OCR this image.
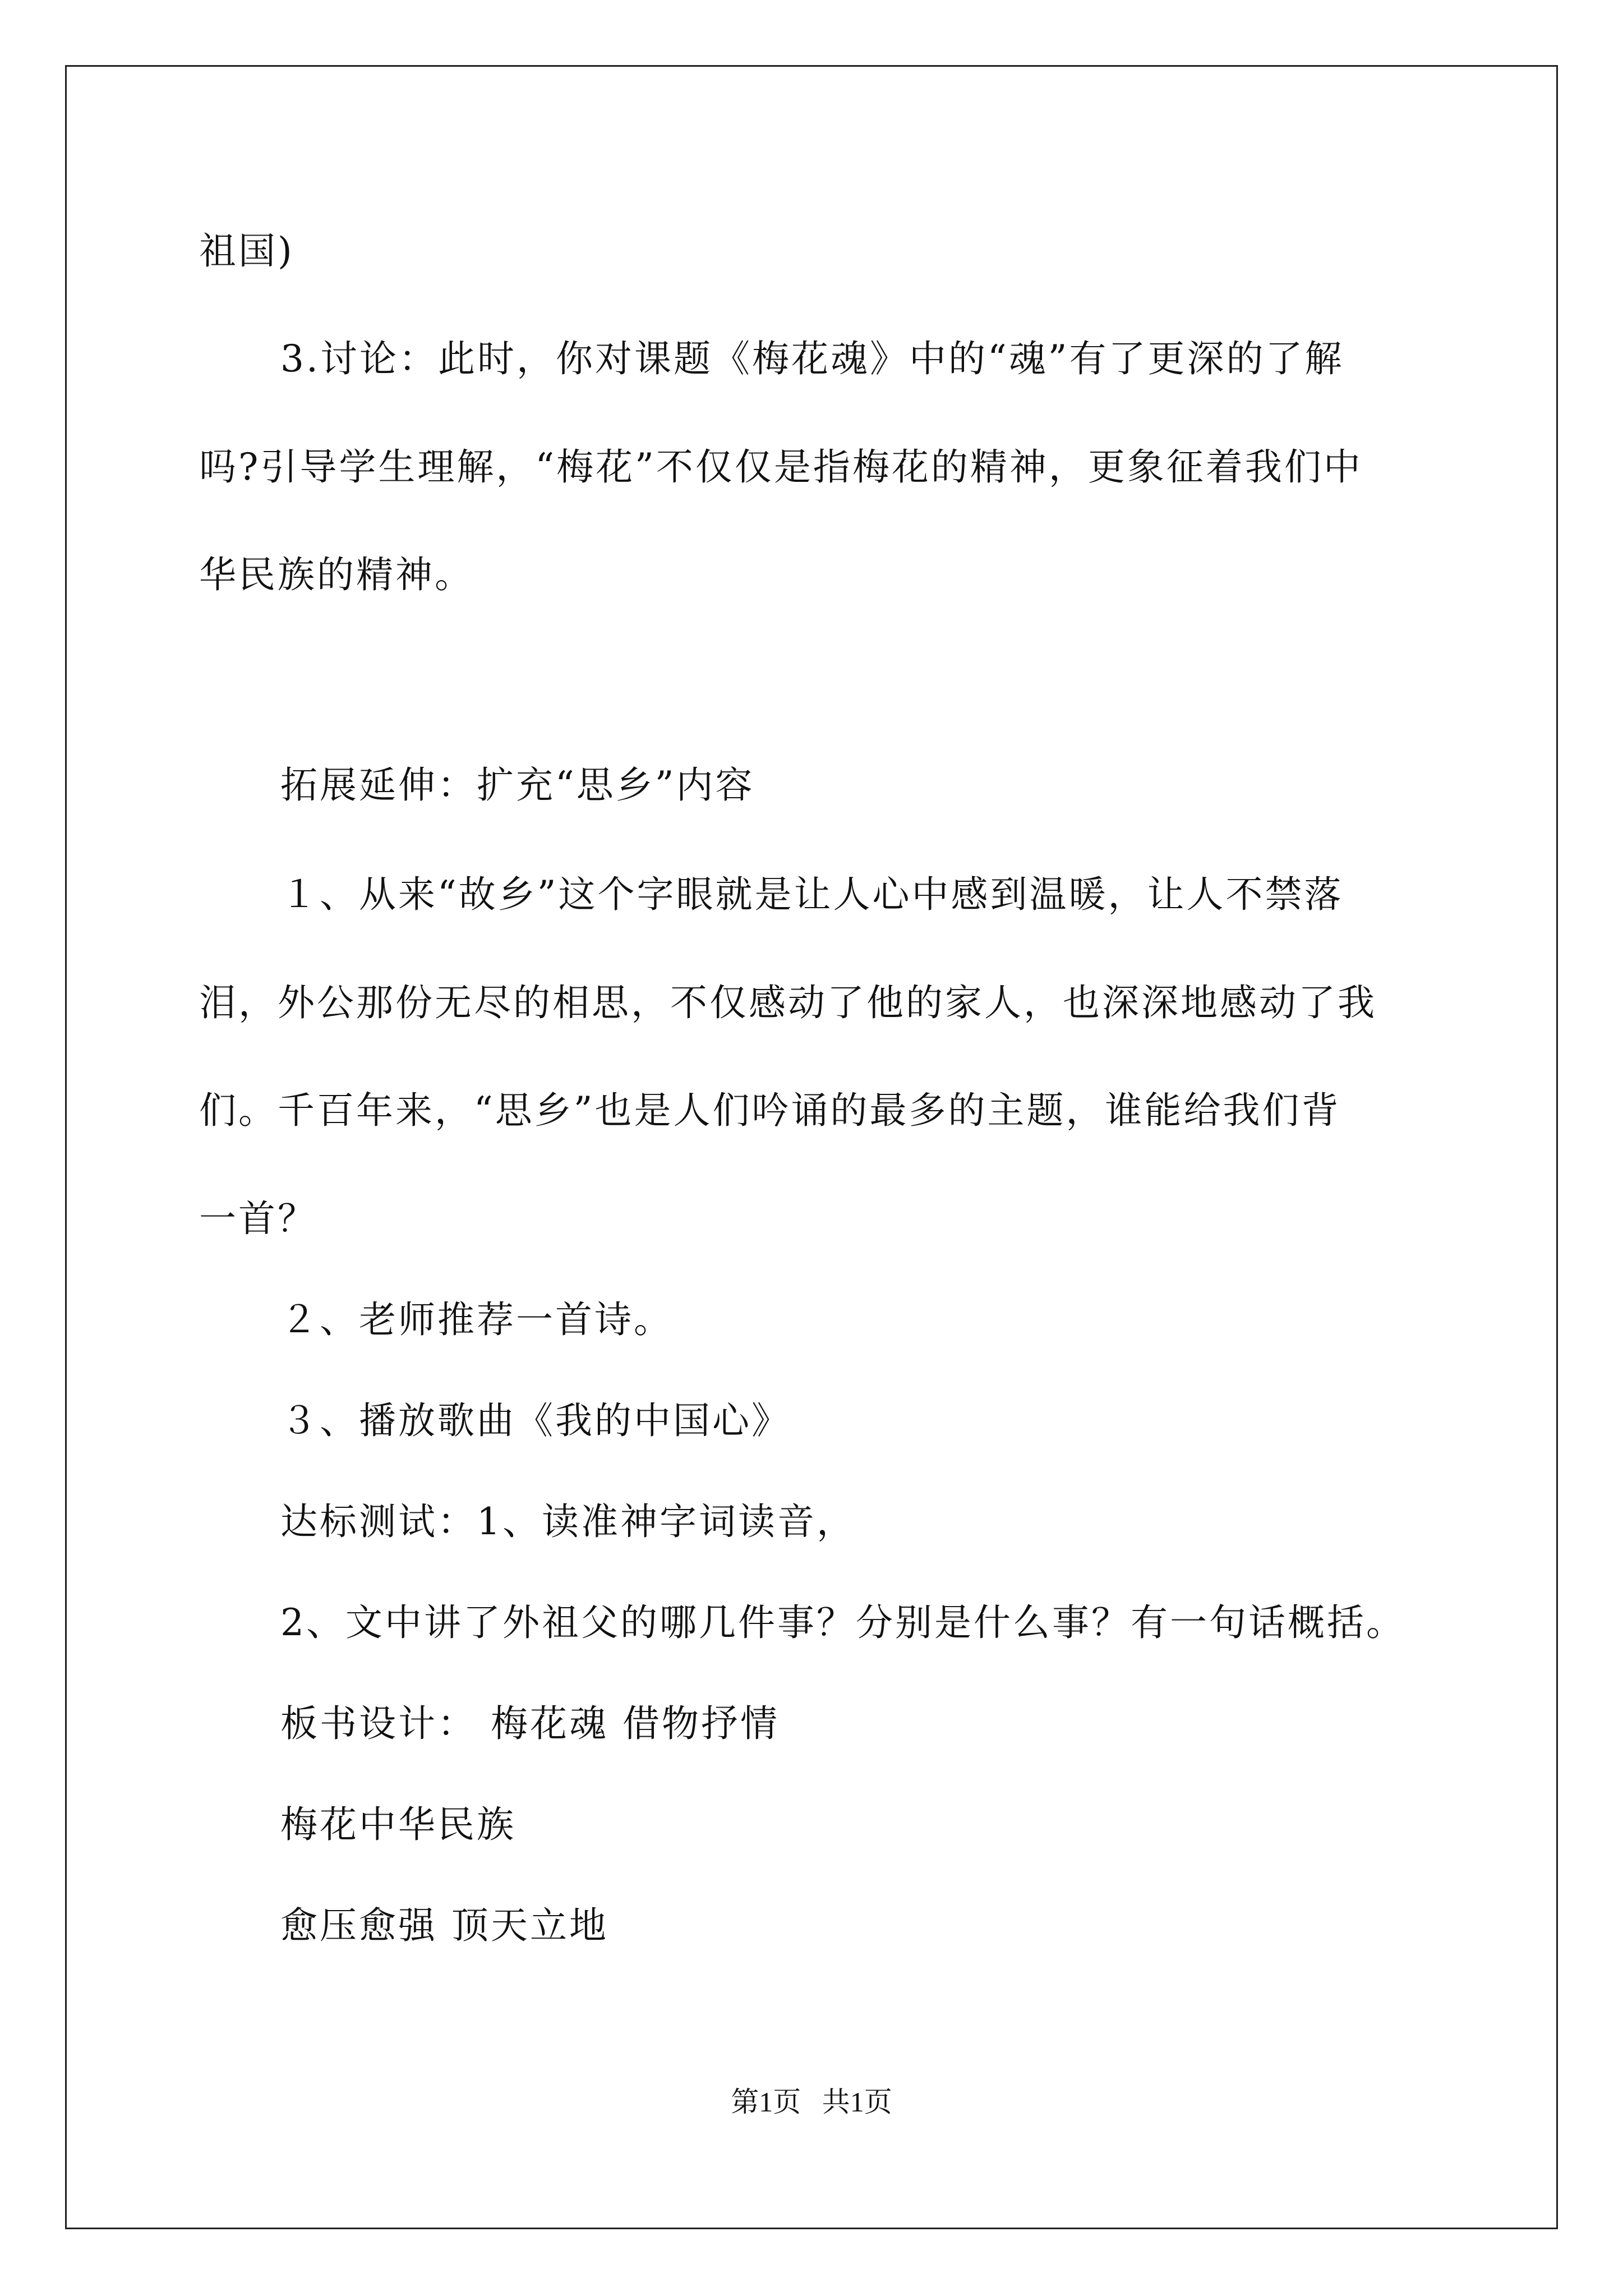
祖国)
3.讨论：此时，你对课题《梅花魂》中的“魂”有了更深的了解
吗?引导学生理解，“梅花”不仅仅是指梅花的精神，更象征着我们中
华民族的精神。
拓展延伸：扩充“思乡”内容
１、从来“故乡”这个字眼就是让人心中感到温暖，让人不禁落
泪，外公那份无尽的相思，不仅感动了他的家人，也深深地感动了我
们。千百年来，“思乡”也是人们吟诵的最多的主题，谁能给我们背
一首？
２、老师推荐一首诗。
３、播放歌曲《我的中国心》
达标测试：1、读准神字词读音，
2、文中讲了外祖父的哪几件事？分别是什么事？有一句话概括。
板书设计： 梅花魂 借物抒情
梅花中华民族
愈压愈强 顶天立地
第1页   共1页
